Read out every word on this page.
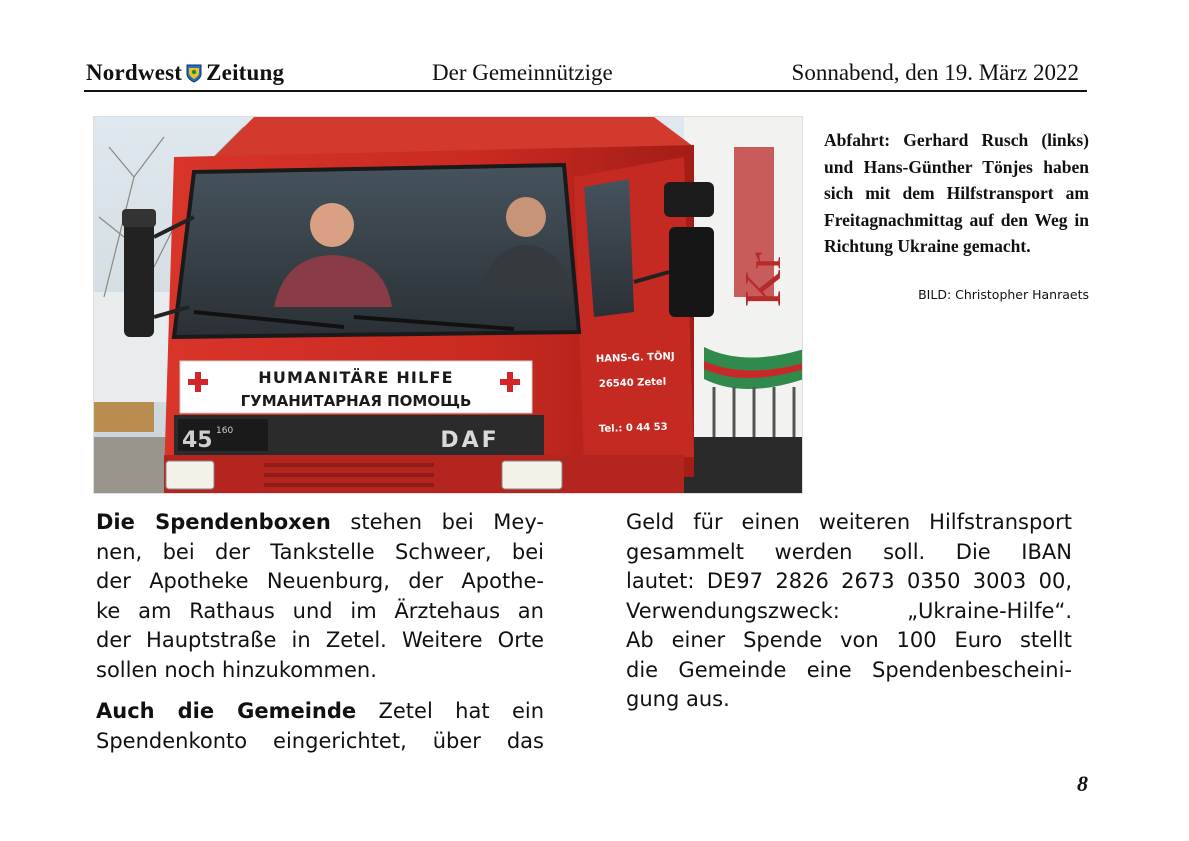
Nordwest Zeitung	Der Gemeinnützige	Sonnabend, den 19. März 2022
Kr
HANS-G. TÖNJ
26540 Zetel
Tel.: 0 44 53
HUMANITÄRE HILFE
ГУМАНИТАРНАЯ ПОМОЩЬ
45 160	DAF
Abfahrt: Gerhard Rusch (links) und Hans-Günther Tönjes haben sich mit dem Hilfstransport am Freitagnachmittag auf den Weg in Richtung Ukraine gemacht.
BILD: Christopher Hanraets

Die Spendenboxen stehen bei Mey-
nen, bei der Tankstelle Schweer, bei
der Apotheke Neuenburg, der Apothe-
ke am Rathaus und im Ärztehaus an
der Hauptstraße in Zetel. Weitere Orte
sollen noch hinzukommen.

Auch die Gemeinde Zetel hat ein
Spendenkonto eingerichtet, über das

Geld für einen weiteren Hilfstransport
gesammelt werden soll. Die IBAN
lautet: DE97 2826 2673 0350 3003 00,
Verwendungszweck: „Ukraine-Hilfe“.
Ab einer Spende von 100 Euro stellt
die Gemeinde eine Spendenbescheini-
gung aus.

8
